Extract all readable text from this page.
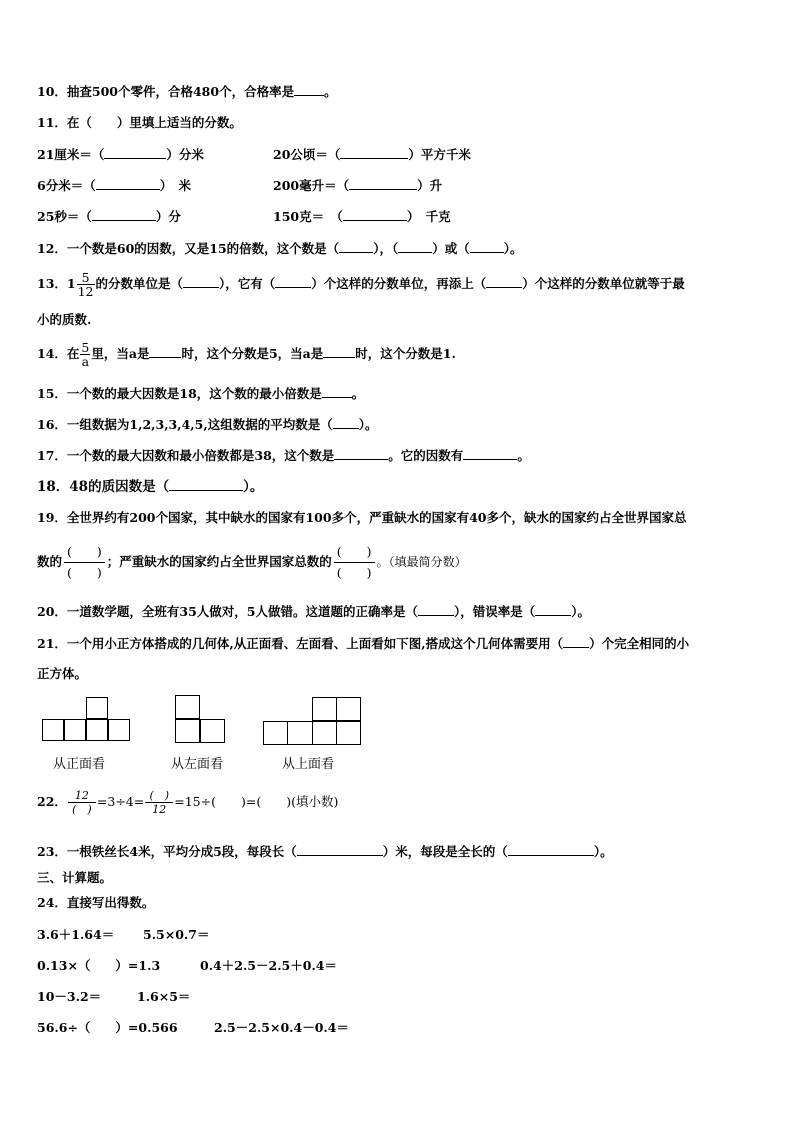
10．抽查500个零件，合格480个，合格率是 。
11．在（　　）里填上适当的分数。
21厘米＝（	）分米	20公顷＝（	）平方千米
6分米＝（	）　米	200毫升＝（	）升
25秒＝（	）分	150克＝　（	）　千克
12．一个数是60的因数，又是15的倍数，这个数是（	），（	）或（	）。
13．$1 \frac{5}{12}$ 的分数单位是（	），它有（	）个这样的分数单位，再添上（	）个这样的分数单位就等于最
小的质数.
14．在 $\frac{5}{a}$ 里，当a是	时，这个分数是5，当a是	时，这个分数是1.
15．一个数的最大因数是18，这个数的最小倍数是 。
16．一组数据为1,2,3,3,4,5,这组数据的平均数是（ ）。
17．一个数的最大因数和最小倍数都是38，这个数是	。它的因数有	。
18．48的质因数是（	）。
19．全世界约有200个国家，其中缺水的国家有100多个，严重缺水的国家有40多个，缺水的国家约占全世界国家总
数的
(　　)
(　　)
；严重缺水的国家约占全世界国家总数的
(　　)
(　　)
。（填最简分数）
20．一道数学题，全班有35人做对，5人做错。这道题的正确率是（	），错误率是（	）。
21．一个用小正方体搭成的几何体,从正面看、左面看、上面看如下图,搭成这个几何体需要用（ ）个完全相同的小
正方体。
从正面看	从左面看	从上面看
22． $\frac{12}{( )} =3\div 4= \frac{( )}{12} =15\div$(　　)=(　　)(填小数)
23．一根铁丝长4米，平均分成5段，每段长（	）米，每段是全长的（	）。
三、计算题。
24．直接写出得数。
3.6＋1.64＝ 5.5×0.7＝
0.13×（　　）=1.3	0.4＋2.5－2.5＋0.4＝
10－3.2＝	1.6×5＝
56.6÷（　　）=0.566	2.5－2.5×0.4－0.4＝
